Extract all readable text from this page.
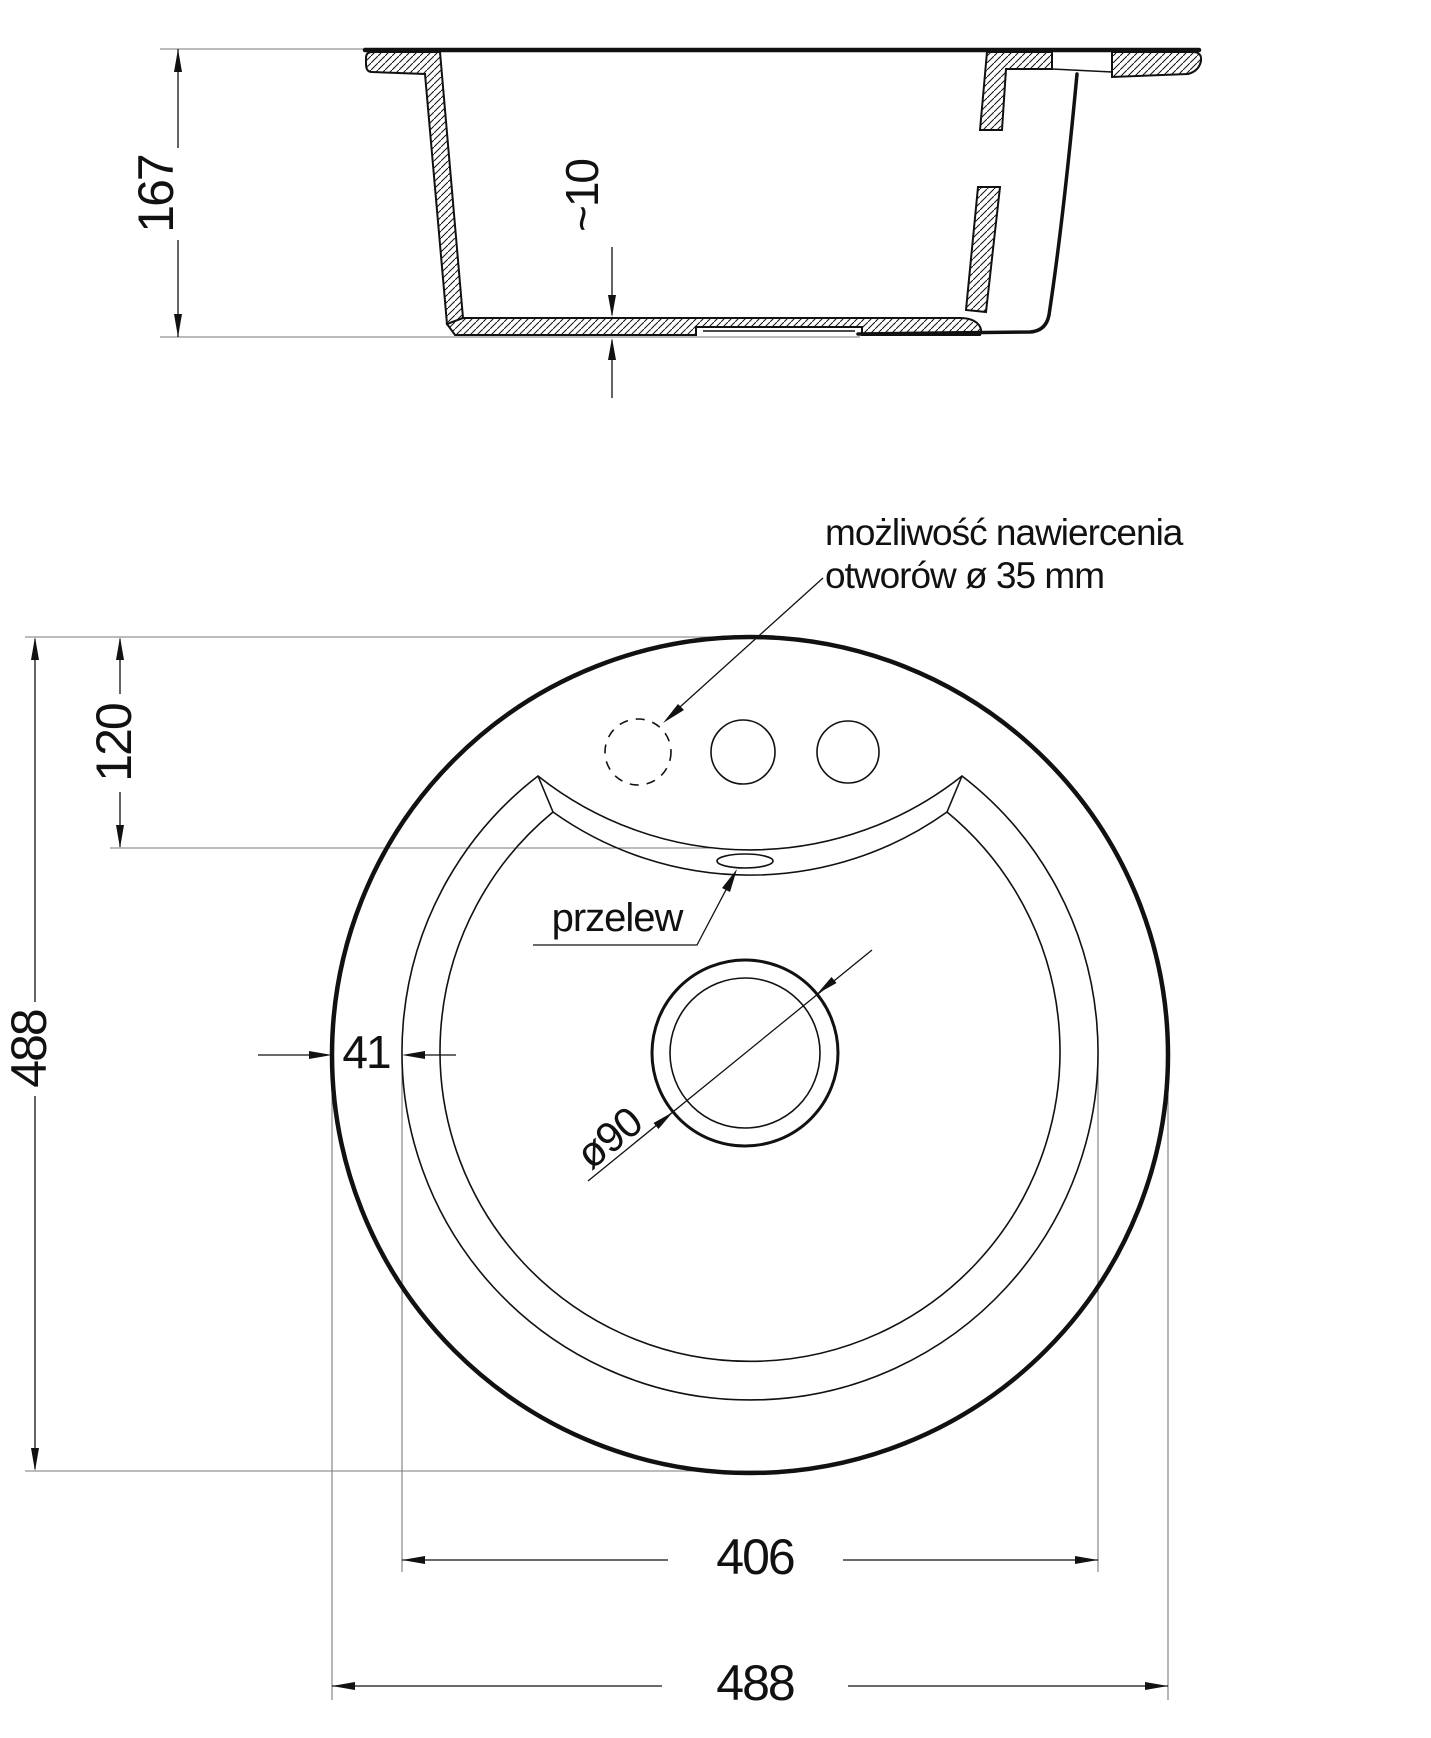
167	~10
ø90
120
488	41
406
488
możliwość nawiercenia
otworów ø 35 mm
przelew
